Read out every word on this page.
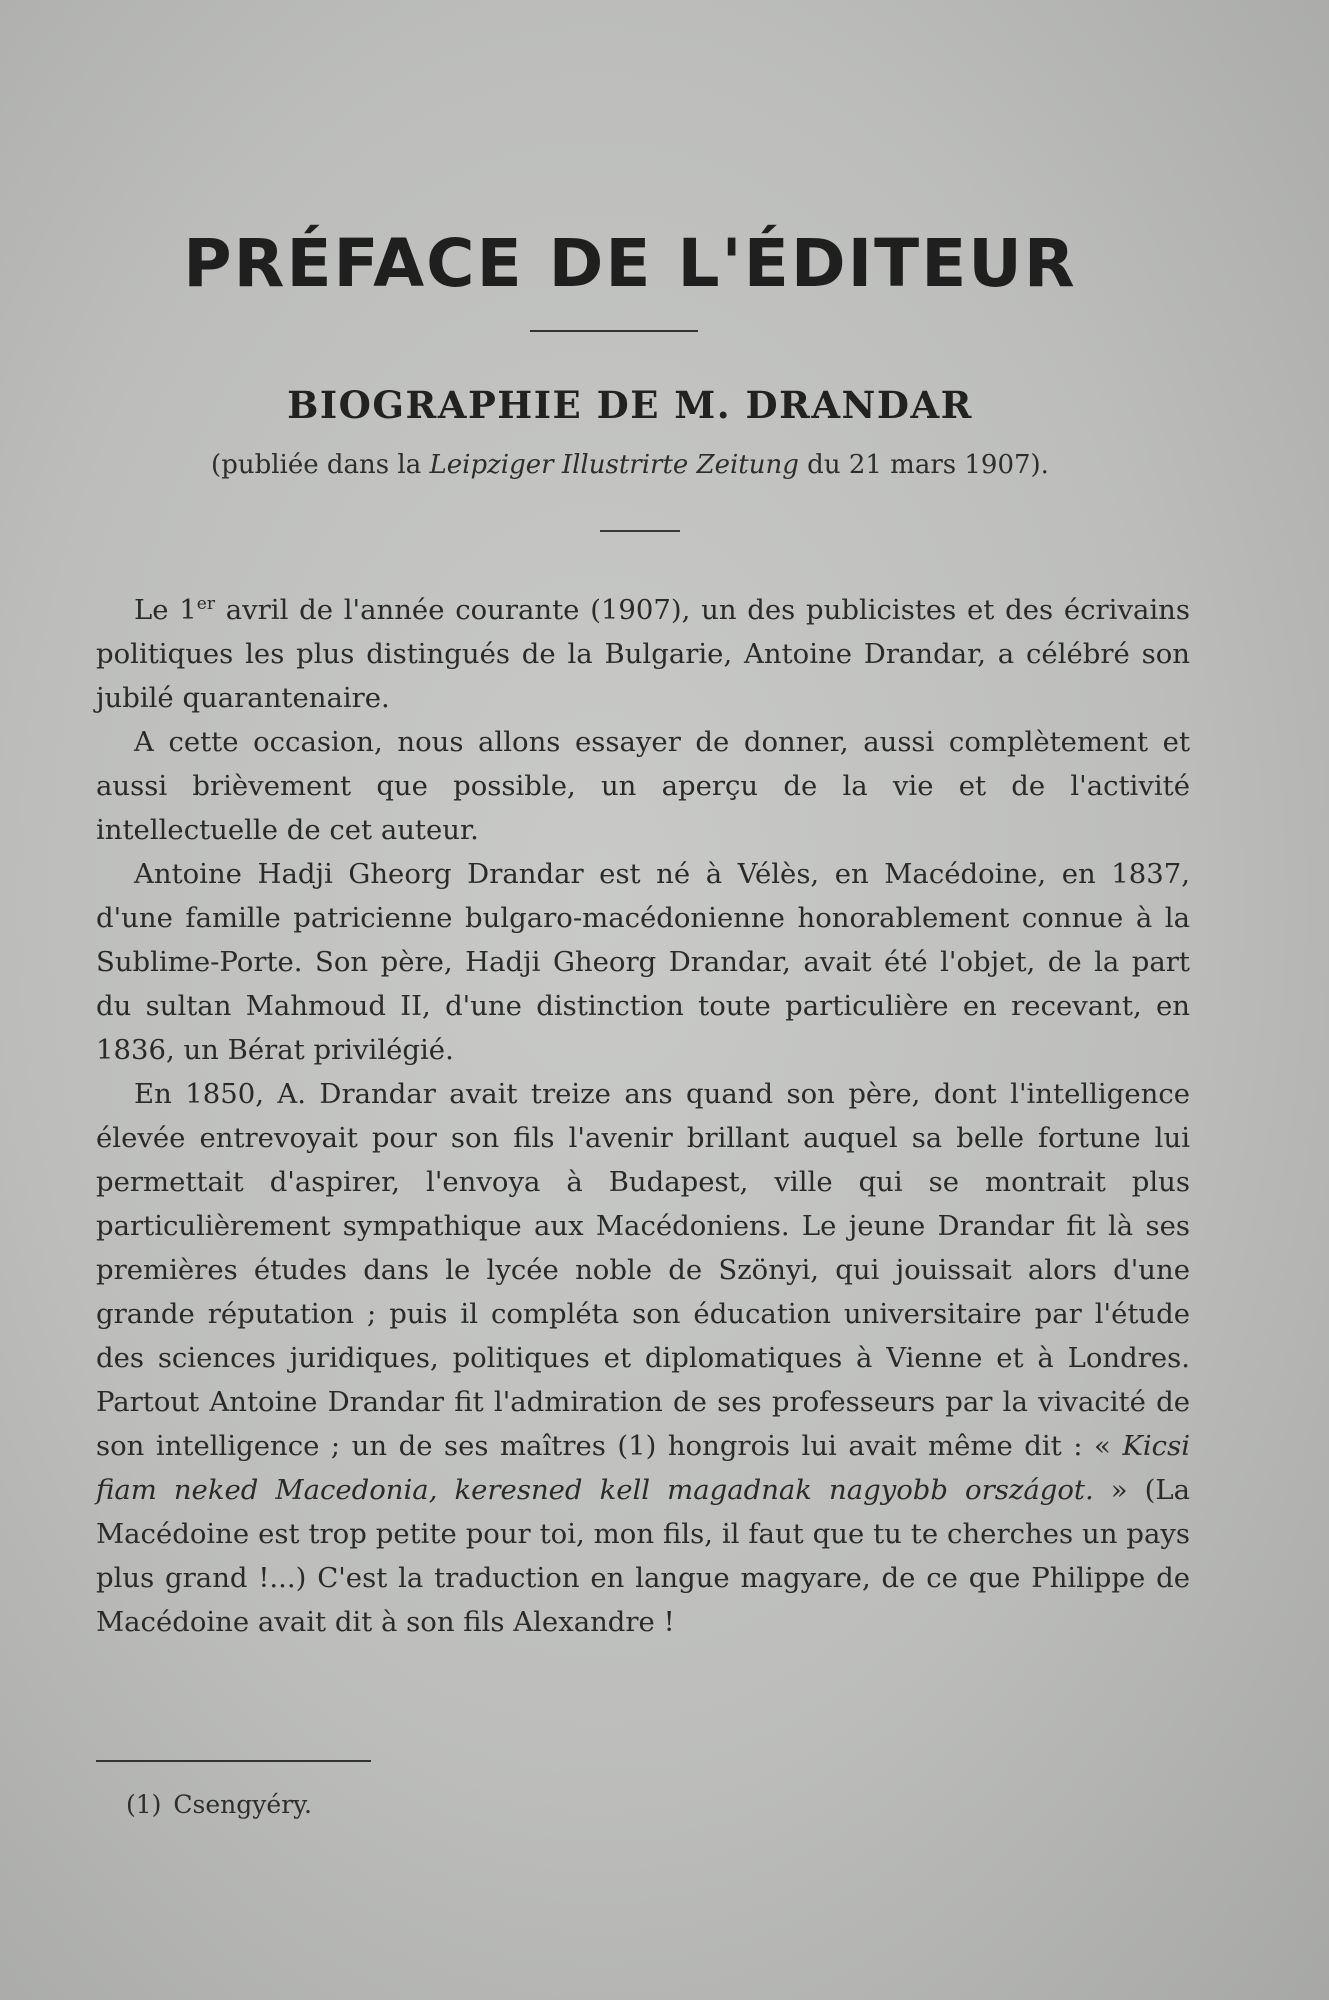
PRÉFACE DE L'ÉDITEUR
BIOGRAPHIE DE M. DRANDAR
(publiée dans la Leipziger Illustrirte Zeitung du 21 mars 1907).

Le 1er avril de l'année courante (1907), un des publicistes et des écrivains politiques les plus distingués de la Bulgarie, Antoine Drandar, a célébré son jubilé quarantenaire.

A cette occasion, nous allons essayer de donner, aussi complètement et aussi brièvement que possible, un aperçu de la vie et de l'activité intellectuelle de cet auteur.

Antoine Hadji Gheorg Drandar est né à Vélès, en Macédoine, en 1837, d'une famille patricienne bulgaro-macédonienne honorablement connue à la Sublime-Porte. Son père, Hadji Gheorg Drandar, avait été l'objet, de la part du sultan Mahmoud II, d'une distinction toute particulière en recevant, en 1836, un Bérat privilégié.

En 1850, A. Drandar avait treize ans quand son père, dont l'intelligence élevée entrevoyait pour son fils l'avenir brillant auquel sa belle fortune lui permettait d'aspirer, l'envoya à Budapest, ville qui se montrait plus particulièrement sympathique aux Macédoniens. Le jeune Drandar fit là ses premières études dans le lycée noble de Szönyi, qui jouissait alors d'une grande réputation ; puis il compléta son éducation universitaire par l'étude des sciences juridiques, politiques et diplomatiques à Vienne et à Londres. Partout Antoine Drandar fit l'admiration de ses professeurs par la vivacité de son intelligence ; un de ses maîtres (1) hongrois lui avait même dit : « Kicsi fiam neked Macedonia, keresned kell magadnak nagyobb országot. » (La Macédoine est trop petite pour toi, mon fils, il faut que tu te cherches un pays plus grand !...) C'est la traduction en langue magyare, de ce que Philippe de Macédoine avait dit à son fils Alexandre !

(1) Csengyéry.
